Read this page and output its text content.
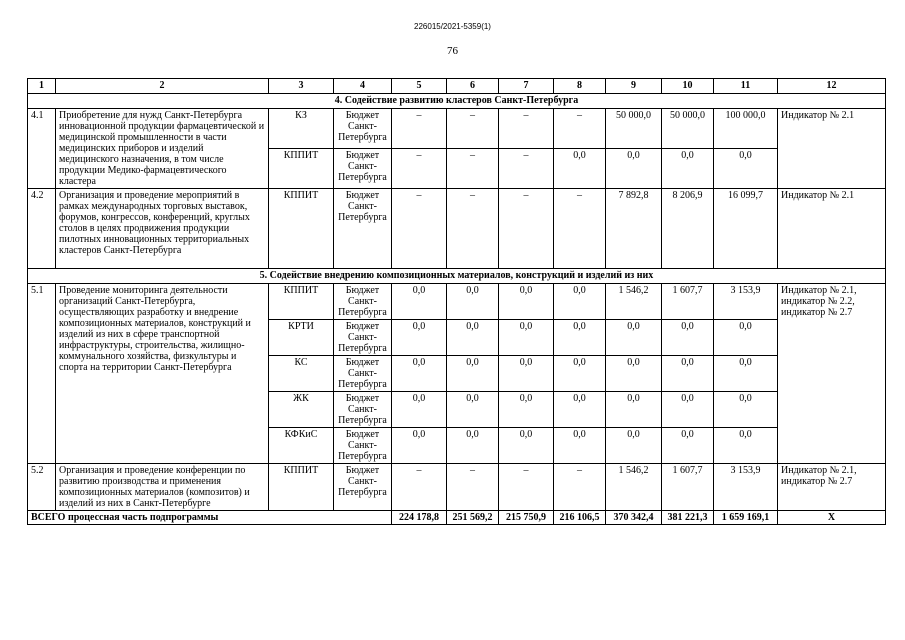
226015/2021-5359(1)
76
1	2	3	4	5	6	7	8	9	10	11	12
4. Содействие развитию кластеров Санкт-Петербурга											
4.1	Приобретение для нужд Санкт-Петербурга инновационной продукции фармацевтической и медицинской промышленности в части медицинских приборов и изделий медицинского назначения, в том числе продукции Медико-фармацевтического кластера	КЗ	Бюджет Санкт-Петербурга	–	–	–	–	50 000,0	50 000,0	100 000,0	Индикатор № 2.1
		КППИТ	Бюджет Санкт-Петербурга	–	–	–	0,0	0,0	0,0	0,0	
4.2	Организация и проведение мероприятий в рамках международных торговых выставок, форумов, конгрессов, конференций, круглых столов в целях продвижения продукции пилотных инновационных территориальных кластеров Санкт-Петербурга	КППИТ	Бюджет Санкт-Петербурга	–	–	–	–	7 892,8	8 206,9	16 099,7	Индикатор № 2.1
5. Содействие внедрению композиционных материалов, конструкций и изделий из них											
5.1	Проведение мониторинга деятельности организаций Санкт-Петербурга, осуществляющих разработку и внедрение композиционных материалов, конструкций и изделий из них в сфере транспортной инфраструктуры, строительства, жилищно-коммунального хозяйства, физкультуры и спорта на территории Санкт-Петербурга	КППИТ	Бюджет Санкт-Петербурга	0,0	0,0	0,0	0,0	1 546,2	1 607,7	3 153,9	Индикатор № 2.1, индикатор № 2.2, индикатор № 2.7
		КРТИ	Бюджет Санкт-Петербурга	0,0	0,0	0,0	0,0	0,0	0,0	0,0	
		КС	Бюджет Санкт-Петербурга	0,0	0,0	0,0	0,0	0,0	0,0	0,0	
		ЖК	Бюджет Санкт-Петербурга	0,0	0,0	0,0	0,0	0,0	0,0	0,0	
		КФКиС	Бюджет Санкт-Петербурга	0,0	0,0	0,0	0,0	0,0	0,0	0,0	
5.2	Организация и проведение конференции по развитию производства и применения композиционных материалов (композитов) и изделий из них в Санкт-Петербурге	КППИТ	Бюджет Санкт-Петербурга	–	–	–	–	1 546,2	1 607,7	3 153,9	Индикатор № 2.1, индикатор № 2.7
ВСЕГО процессная часть подпрограммы				224 178,8	251 569,2	215 750,9	216 106,5	370 342,4	381 221,3	1 659 169,1	Х
